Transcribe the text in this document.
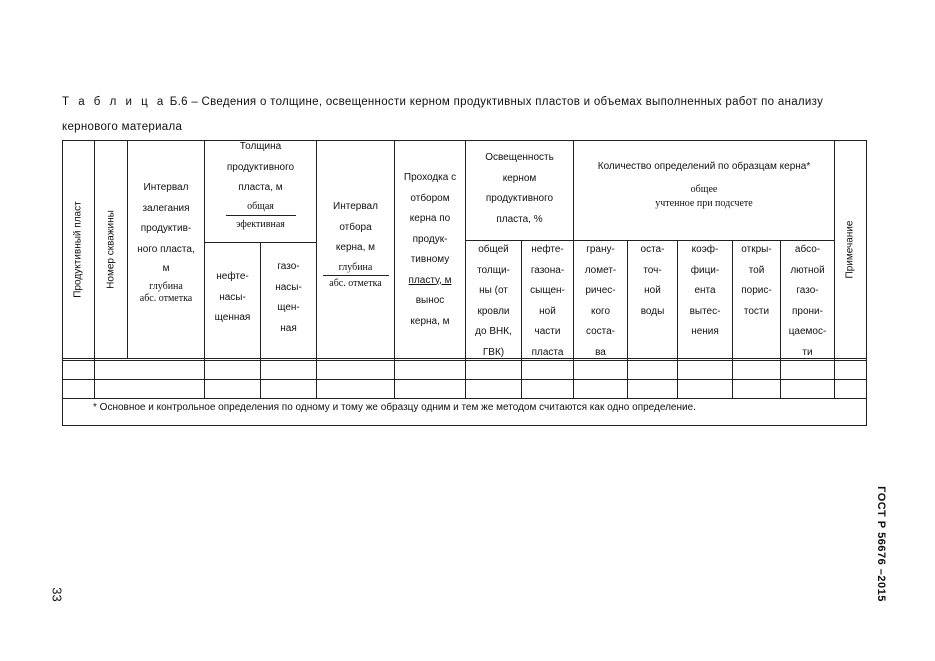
Т а б л и ц а Б.6 – Сведения о толщине, освещенности керном продуктивных пластов и объемах выполненных работ по анализу кернового материала
Продуктивный пласт Номер скважины
Интервал
залегания
продуктив-
ного пласта,
м
глубина
абс. отметка
Толщина
продуктивного
пласта, м
общая
эфективная
нефте-
насы-
щенная
газо-
насы-
щен-
ная
Интервал
отбора
керна, м
глубина
абс. отметка
Проходка с
отбором
керна по
продук-
тивному
пласту, м
вынос
керна, м
Освещенность
керном
продуктивного
пласта, %
общей
толщи-
ны (от
кровли
до ВНК,
ГВК)
нефте-
газона-
сыщен-
ной
части
пласта
Количество определений по образцам керна*
общее
учтенное при подсчете
грану-
ломет-
ричес-
кого
соста-
ва
оста-
точ-
ной
воды
коэф-
фици-
ента
вытес-
нения
откры-
той
порис-
тости
абсо-
лютной
газо-
прони-
цаемос-
ти
Примечание
* Основное и контрольное определения по одному и тому же образцу одним и тем же методом считаются как одно определение.
ГОСТ Р 56676 –2015
33
